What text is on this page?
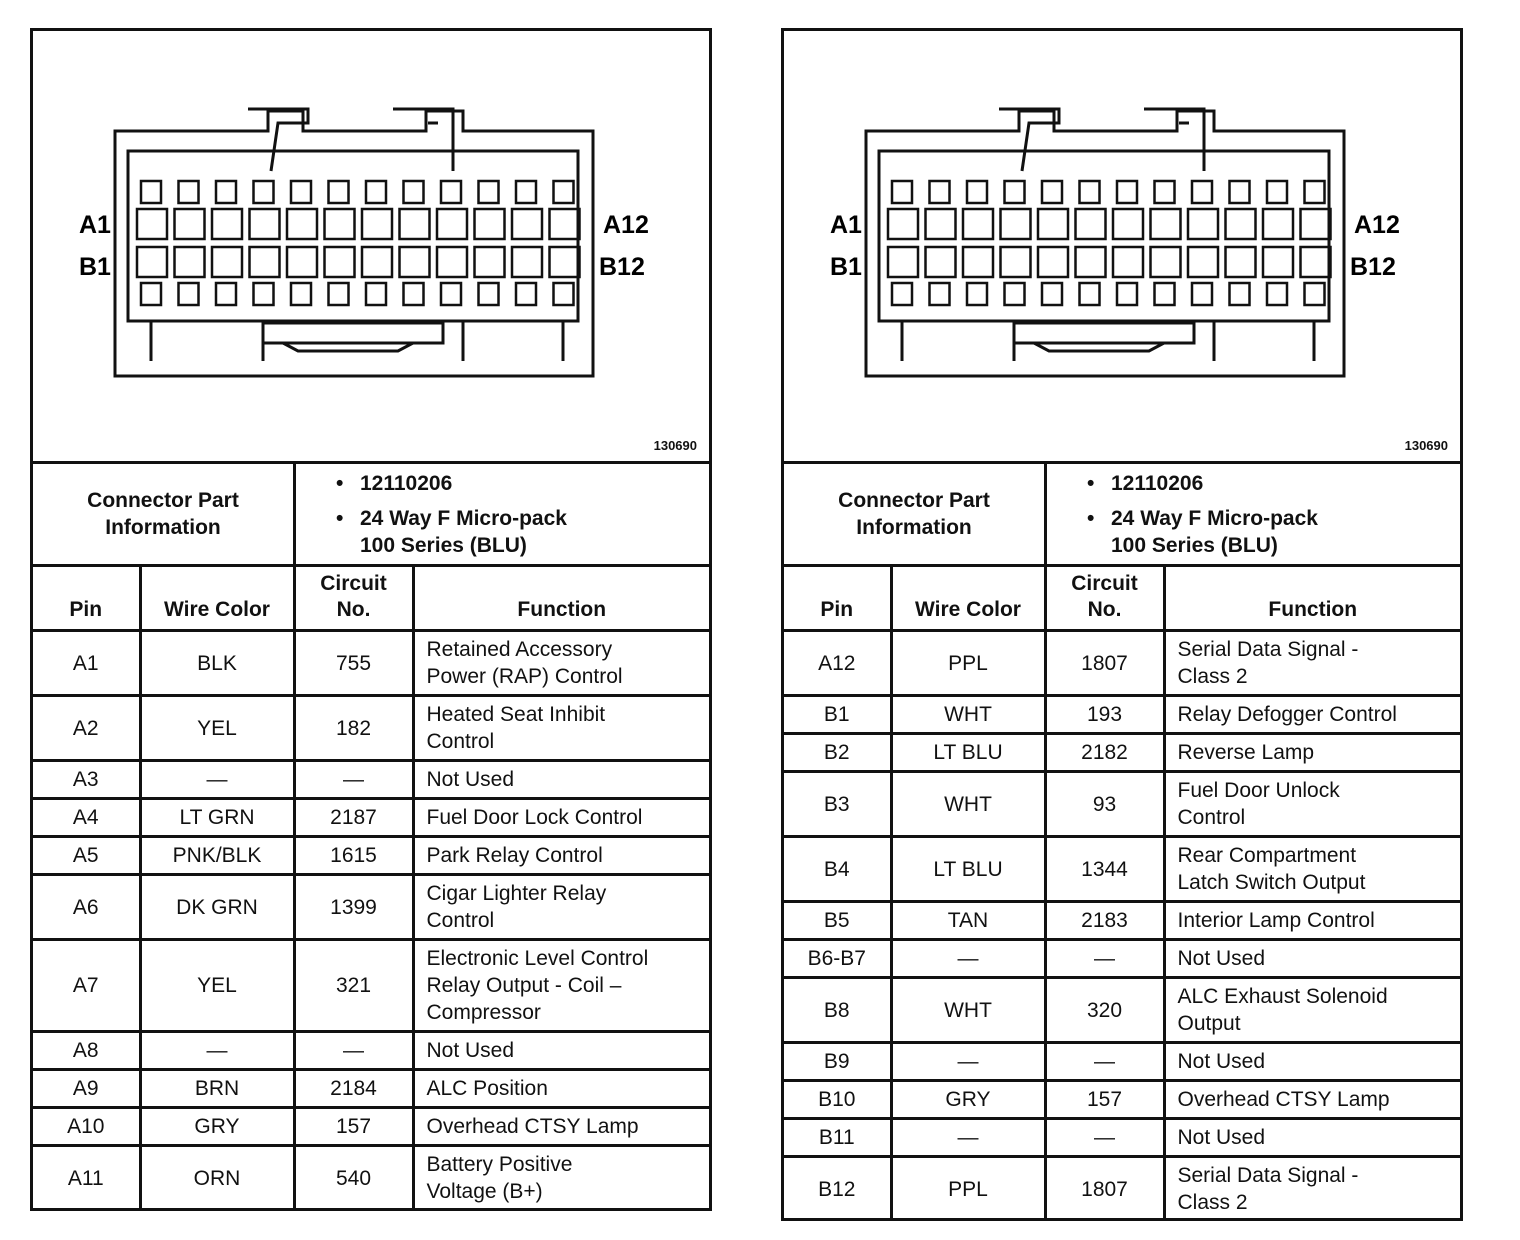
A1
B1
A12
B12
130690
Connector Part Information
• 12110206
• 24 Way F Micro-pack
100 Series (BLU)
Pin	Wire Color	Circuit
No.	Function
A1	BLK	755	Retained Accessory
Power (RAP) Control

A2	YEL	182	Heated Seat Inhibit
Control

A3	—	—	Not Used

A4	LT GRN	2187	Fuel Door Lock Control

A5	PNK/BLK	1615	Park Relay Control

A6	DK GRN	1399	Cigar Lighter Relay
Control

A7	YEL	321	Electronic Level Control
Relay Output - Coil –
Compressor

A8	—	—	Not Used

A9	BRN	2184	ALC Position

A10	GRY	157	Overhead CTSY Lamp

A11	ORN	540	Battery Positive
Voltage (B+)
A1
B1
A12
B12
130690
Connector Part Information
• 12110206
• 24 Way F Micro-pack
100 Series (BLU)
Pin	Wire Color	Circuit
No.	Function
A12	PPL	1807	Serial Data Signal -
Class 2

B1	WHT	193	Relay Defogger Control

B2	LT BLU	2182	Reverse Lamp

B3	WHT	93	Fuel Door Unlock
Control

B4	LT BLU	1344	Rear Compartment
Latch Switch Output

B5	TAN	2183	Interior Lamp Control

B6-B7	—	—	Not Used

B8	WHT	320	ALC Exhaust Solenoid
Output

B9	—	—	Not Used

B10	GRY	157	Overhead CTSY Lamp

B11	—	—	Not Used

B12	PPL	1807	Serial Data Signal -
Class 2
